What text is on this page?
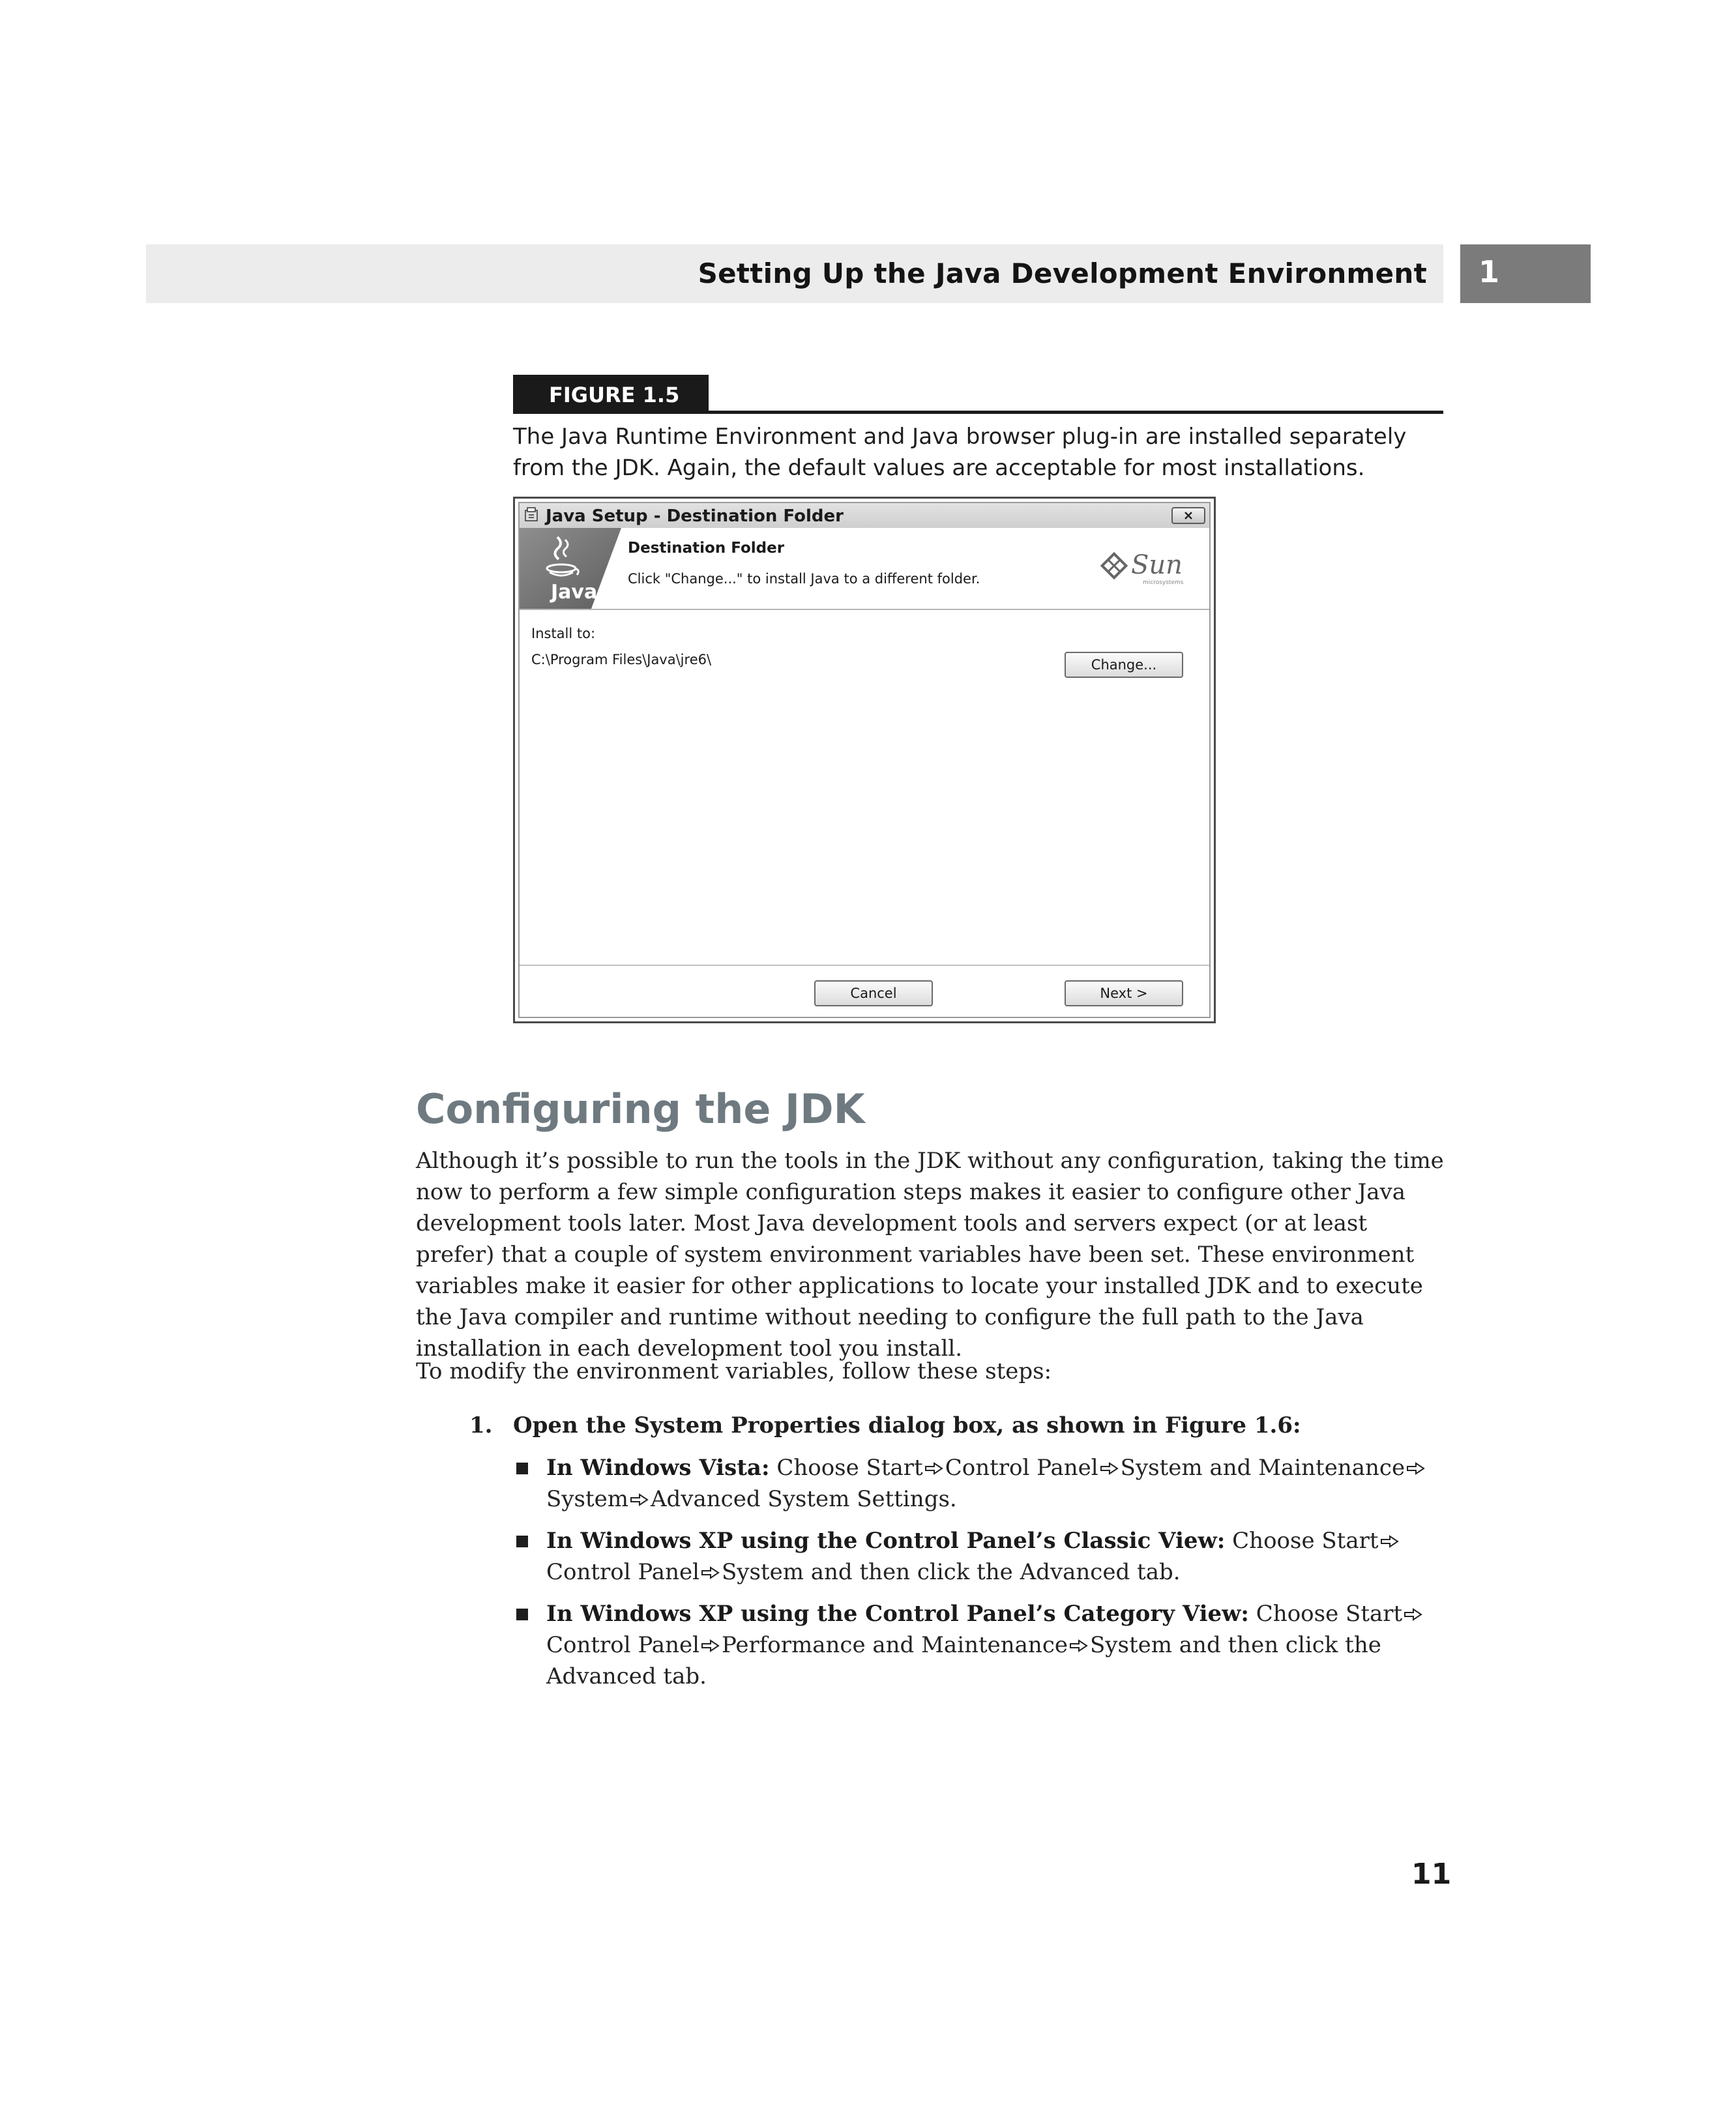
Setting Up the Java Development Environment 1
FIGURE 1.5
The Java Runtime Environment and Java browser plug-in are installed separately from the JDK. Again, the default values are acceptable for most installations.
Java Setup - Destination Folder
Java
Destination Folder
Click "Change..." to install Java to a different folder.	Sun
microsystems
Install to:
C:\Program Files\Java\jre6\	Change...
Cancel	Next >
Configuring the JDK
Although it’s possible to run the tools in the JDK without any configuration, taking the time now to perform a few simple configuration steps makes it easier to configure other Java development tools later. Most Java development tools and servers expect (or at least prefer) that a couple of system environment variables have been set. These environment variables make it easier for other applications to locate your installed JDK and to execute the Java compiler and runtime without needing to configure the full path to the Java installation in each development tool you install.
To modify the environment variables, follow these steps:
1. Open the System Properties dialog box, as shown in Figure 1.6:
In Windows Vista: Choose Start Control Panel System and MaintenanceSystem Advanced System Settings.
In Windows XP using the Control Panel’s Classic View: Choose StartControl Panel System and then click the Advanced tab.
In Windows XP using the Control Panel’s Category View: Choose StartControl Panel Performance and Maintenance System and then click the Advanced tab.
11
